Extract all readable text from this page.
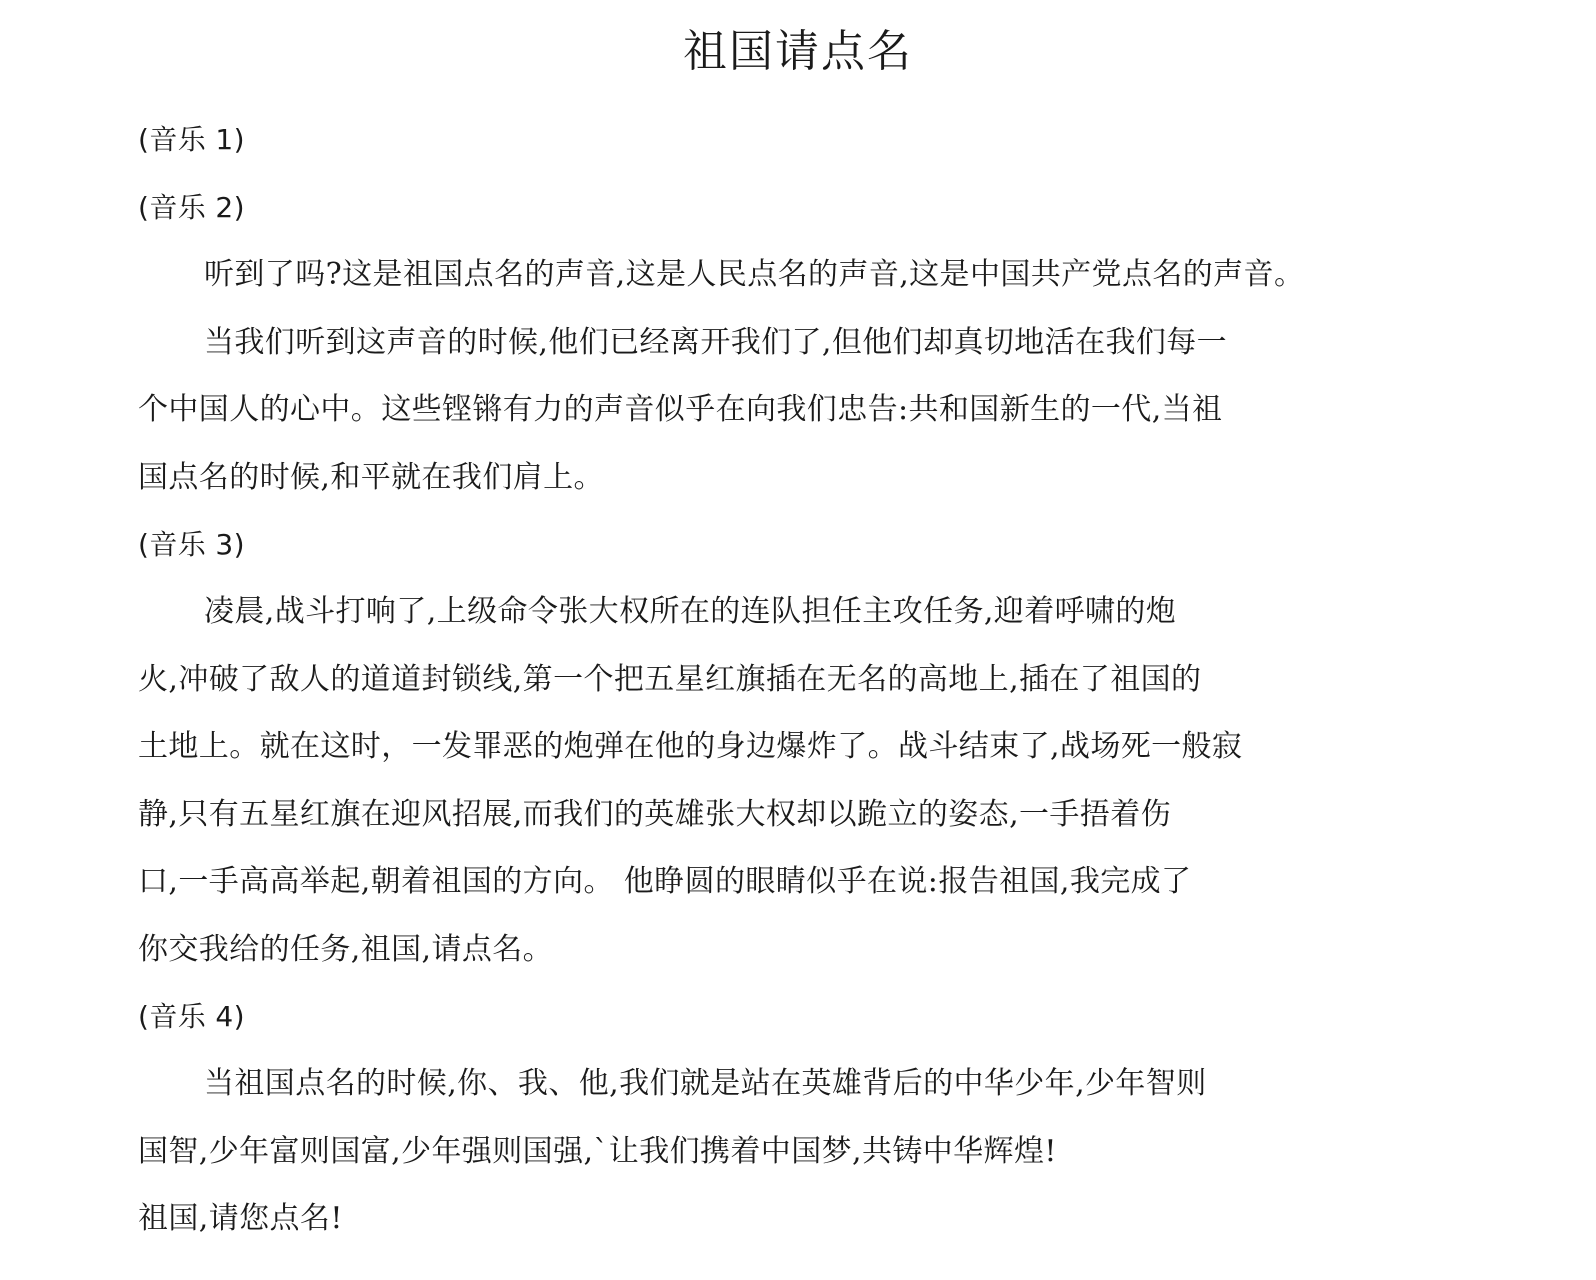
祖国请点名
(音乐 1)
(音乐 2)
听到了吗?这是祖国点名的声音,这是人民点名的声音,这是中国共产党点名的声音。
当我们听到这声音的时候,他们已经离开我们了,但他们却真切地活在我们每一
个中国人的心中。这些铿锵有力的声音似乎在向我们忠告:共和国新生的一代,当祖
国点名的时候,和平就在我们肩上。
(音乐 3)
凌晨,战斗打响了,上级命令张大权所在的连队担任主攻任务,迎着呼啸的炮
火,冲破了敌人的道道封锁线,第一个把五星红旗插在无名的高地上,插在了祖国的
土地上。就在这时，一发罪恶的炮弹在他的身边爆炸了。战斗结束了,战场死一般寂
静,只有五星红旗在迎风招展,而我们的英雄张大权却以跪立的姿态,一手捂着伤
口,一手高高举起,朝着祖国的方向。 他睁圆的眼睛似乎在说:报告祖国,我完成了
你交我给的任务,祖国,请点名。
(音乐 4)
当祖国点名的时候,你、我、他,我们就是站在英雄背后的中华少年,少年智则
国智,少年富则国富,少年强则国强,`让我们携着中国梦,共铸中华辉煌!
祖国,请您点名!
